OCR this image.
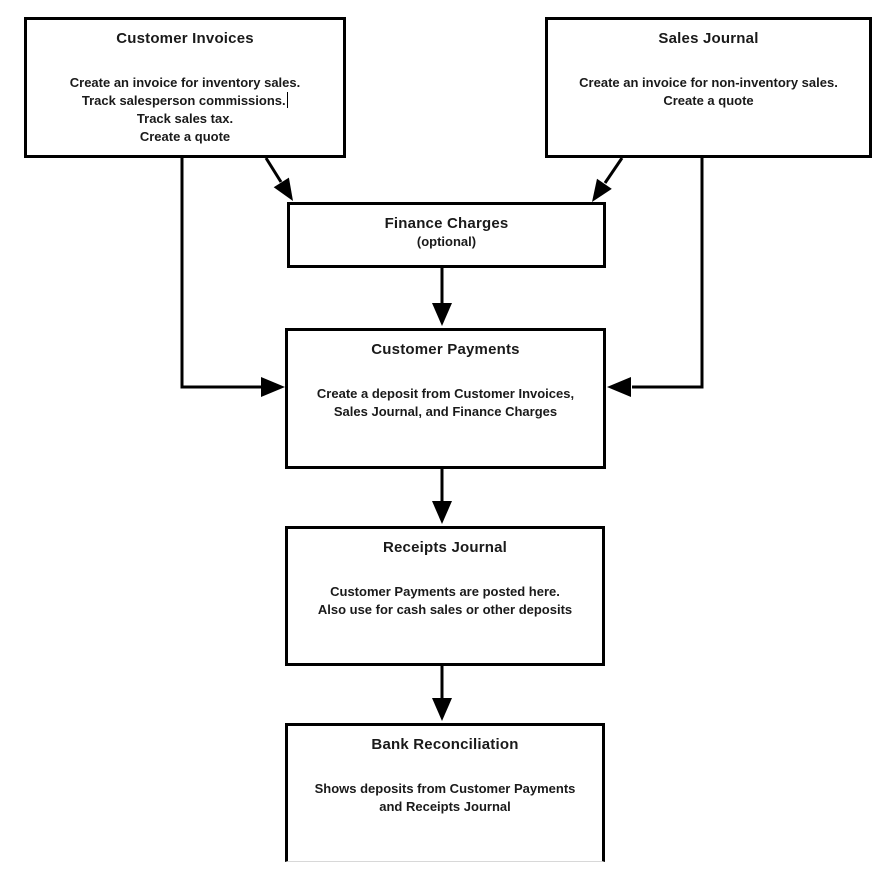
Customer Invoices
Create an invoice for inventory sales.
Track salesperson commissions.
Track sales tax.
Create a quote
Sales Journal
Create an invoice for non-inventory sales.
Create a quote
Finance Charges
(optional)
Customer Payments
Create a deposit from Customer Invoices,
Sales Journal, and Finance Charges
Receipts Journal
Customer Payments are posted here.
Also use for cash sales or other deposits
Bank Reconciliation
Shows deposits from Customer Payments
and Receipts Journal
